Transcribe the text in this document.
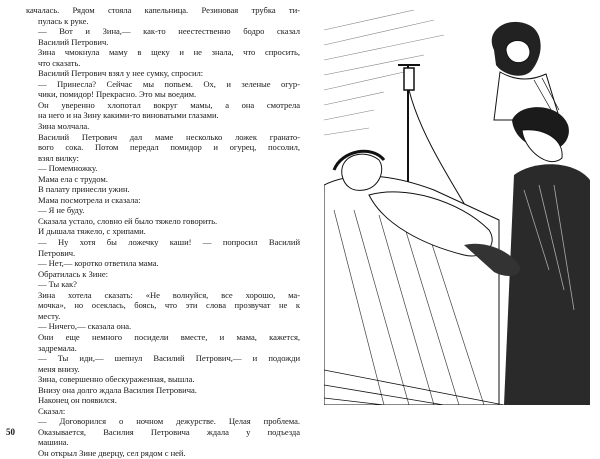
качалась. Рядом стояла капельница. Резиновая трубка ти-
пулась к руке.
— Вот и Зина,— как-то неестественно бодро сказал
Василий Петрович.
Зина чмокнула маму в щеку и не знала, что спросить,
что сказать.
Василий Петрович взял у нее сумку, спросил:
— Принесла? Сейчас мы попьем. Ох, и зеленые огур-
чики, помидор! Прекрасно. Это мы воедим.
Он уверенно хлопотал вокруг мамы, а она смотрела
на него и на Зину какими-то виноватыми глазами.
Зина молчала.
Василий Петрович дал маме несколько ложек гранато-
вого сока. Потом передал помидор и огурец, посолил,
взял вилку:
— Помемножку.
Мама ела с трудом.
В палату принесли ужин.
Мама посмотрела и сказала:
— Я не буду.
Сказала устало, словно ей было тяжело говорить.
И дышала тяжело, с хрипами.
— Ну хотя бы ложечку каши! — попросил Василий
Петрович.
— Нет,— коротко ответила мама.
Обратилась к Зине:
— Ты как?
Зина хотела сказать: «Не волнуйся, все хорошо, ма-
мочка», но осеклась, боясь, что эти слова прозвучат не к
месту.
— Ничего,— сказала она.
Они еще немного посидели вместе, и мама, кажется,
задремала.
— Ты иди,— шепнул Василий Петрович,— и подожди
меня внизу.
Зина, совершенно обескураженная, вышла.
Внизу она долго ждала Василия Петровича.
Наконец он появился.
Сказал:
— Договорился о ночном дежурстве. Целая проблема.
Оказывается, Василия Петровича ждала у подъезда
машина.
Он открыл Зине дверцу, сел рядом с ней.
50
